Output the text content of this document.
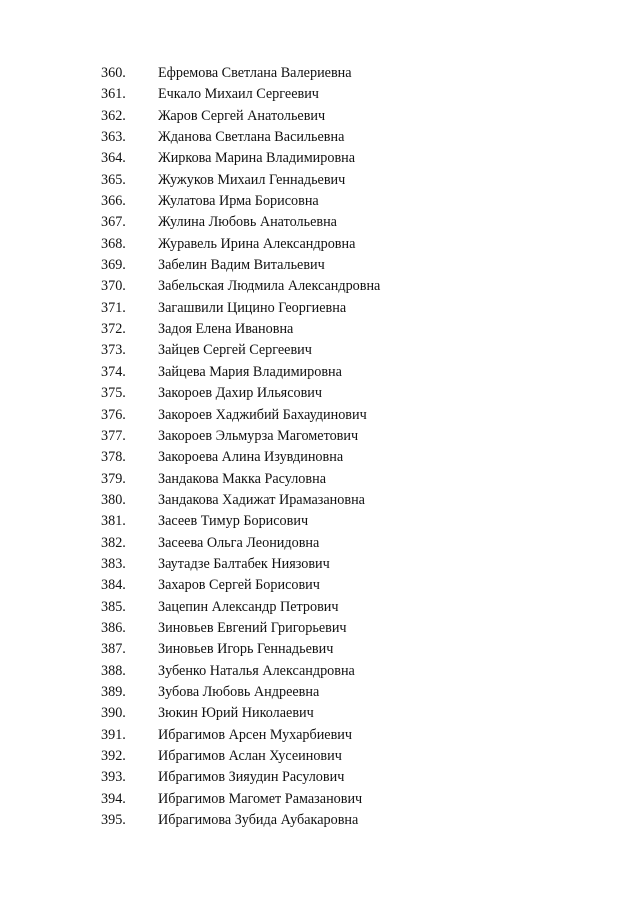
360. Ефремова Светлана Валериевна
361. Ечкало Михаил Сергеевич
362. Жаров Сергей Анатольевич
363. Жданова Светлана Васильевна
364. Жиркова Марина Владимировна
365. Жужуков Михаил Геннадьевич
366. Жулатова Ирма Борисовна
367. Жулина Любовь Анатольевна
368. Журавель Ирина Александровна
369. Забелин Вадим Витальевич
370. Забельская Людмила Александровна
371. Загашвили Цицино Георгиевна
372. Задоя Елена Ивановна
373. Зайцев Сергей Сергеевич
374. Зайцева Мария Владимировна
375. Закороев Дахир Ильясович
376. Закороев Хаджибий Бахаудинович
377. Закороев Эльмурза Магометович
378. Закороева Алина Изувдиновна
379. Зандакова Макка Расуловна
380. Зандакова Хадижат Ирамазановна
381. Засеев Тимур Борисович
382. Засеева Ольга Леонидовна
383. Заутадзе Балтабек Ниязович
384. Захаров Сергей Борисович
385. Зацепин Александр Петрович
386. Зиновьев Евгений Григорьевич
387. Зиновьев Игорь Геннадьевич
388. Зубенко Наталья Александровна
389. Зубова Любовь Андреевна
390. Зюкин Юрий Николаевич
391. Ибрагимов Арсен Мухарбиевич
392. Ибрагимов Аслан Хусеинович
393. Ибрагимов Зияудин Расулович
394. Ибрагимов Магомет Рамазанович
395. Ибрагимова Зубида Аубакаровна
